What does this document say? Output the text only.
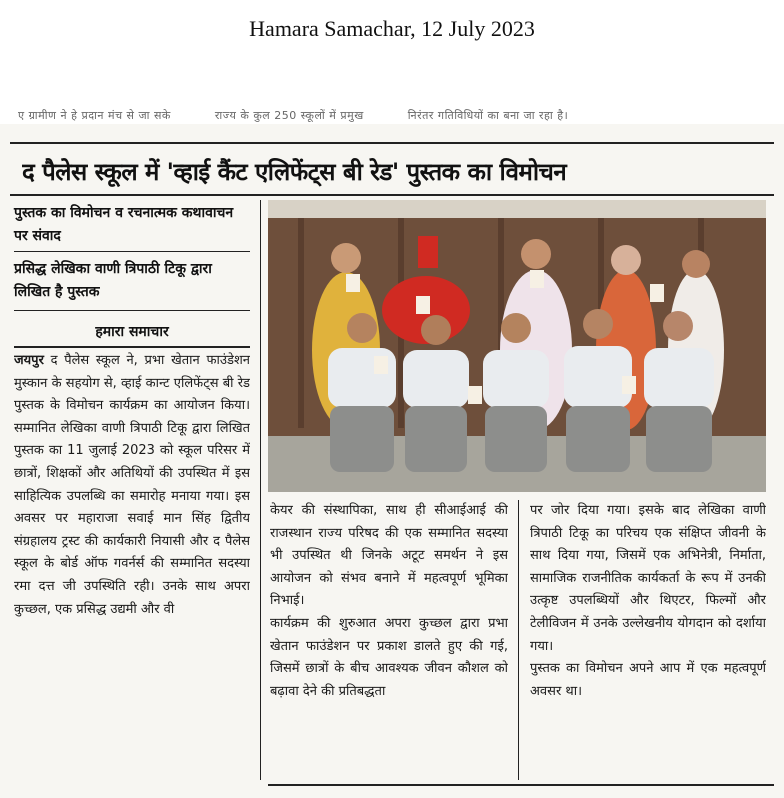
Hamara Samachar, 12 July 2023
ए ग्रामीण ने हे प्रदान मंच से जा सके	राज्य के कुल 250 स्कूलों में प्रमुख	निरंतर गतिविधियों का बना जा रहा है।
द पैलेस स्कूल में 'व्हाई कैंट एलिफेंट्स बी रेड' पुस्तक का विमोचन
पुस्तक का विमोचन व रचनात्मक कथावाचन पर संवाद
प्रसिद्ध लेखिका वाणी त्रिपाठी टिकू द्वारा लिखित है पुस्तक
हमारा समाचार

जयपुर द पैलेस स्कूल ने, प्रभा खेतान फाउंडेशन मुस्कान के सहयोग से, व्हाई कान्ट एलिफेंट्स बी रेड पुस्तक के विमोचन कार्यक्रम का आयोजन किया। सम्मानित लेखिका वाणी त्रिपाठी टिकू द्वारा लिखित पुस्तक का 11 जुलाई 2023 को स्कूल परिसर में छात्रों, शिक्षकों और अतिथियों की उपस्थित में इस साहित्यिक उपलब्धि का समारोह मनाया गया। इस अवसर पर महाराजा सवाई मान सिंह द्वितीय संग्रहालय ट्रस्ट की कार्यकारी नियासी और द पैलेस स्कूल के बोर्ड ऑफ गवर्नर्स की सम्मानित सदस्या रमा दत्त जी उपस्थिति रही। उनके साथ अपरा कुच्छल, एक प्रसिद्ध उद्यमी और वी

केयर की संस्थापिका, साथ ही सीआईआई की राजस्थान राज्य परिषद की एक सम्मानित सदस्या भी उपस्थित थी जिनके अटूट समर्थन ने इस आयोजन को संभव बनाने में महत्वपूर्ण भूमिका निभाई।

कार्यक्रम की शुरुआत अपरा कुच्छल द्वारा प्रभा खेतान फाउंडेशन पर प्रकाश डालते हुए की गई, जिसमें छात्रों के बीच आवश्यक जीवन कौशल को बढ़ावा देने की प्रतिबद्धता

पर जोर दिया गया। इसके बाद लेखिका वाणी त्रिपाठी टिकू का परिचय एक संक्षिप्त जीवनी के साथ दिया गया, जिसमें एक अभिनेत्री, निर्माता, सामाजिक राजनीतिक कार्यकर्ता के रूप में उनकी उत्कृष्ट उपलब्धियों और थिएटर, फिल्मों और टेलीविजन में उनके उल्लेखनीय योगदान को दर्शाया गया।

पुस्तक का विमोचन अपने आप में एक महत्वपूर्ण अवसर था।
